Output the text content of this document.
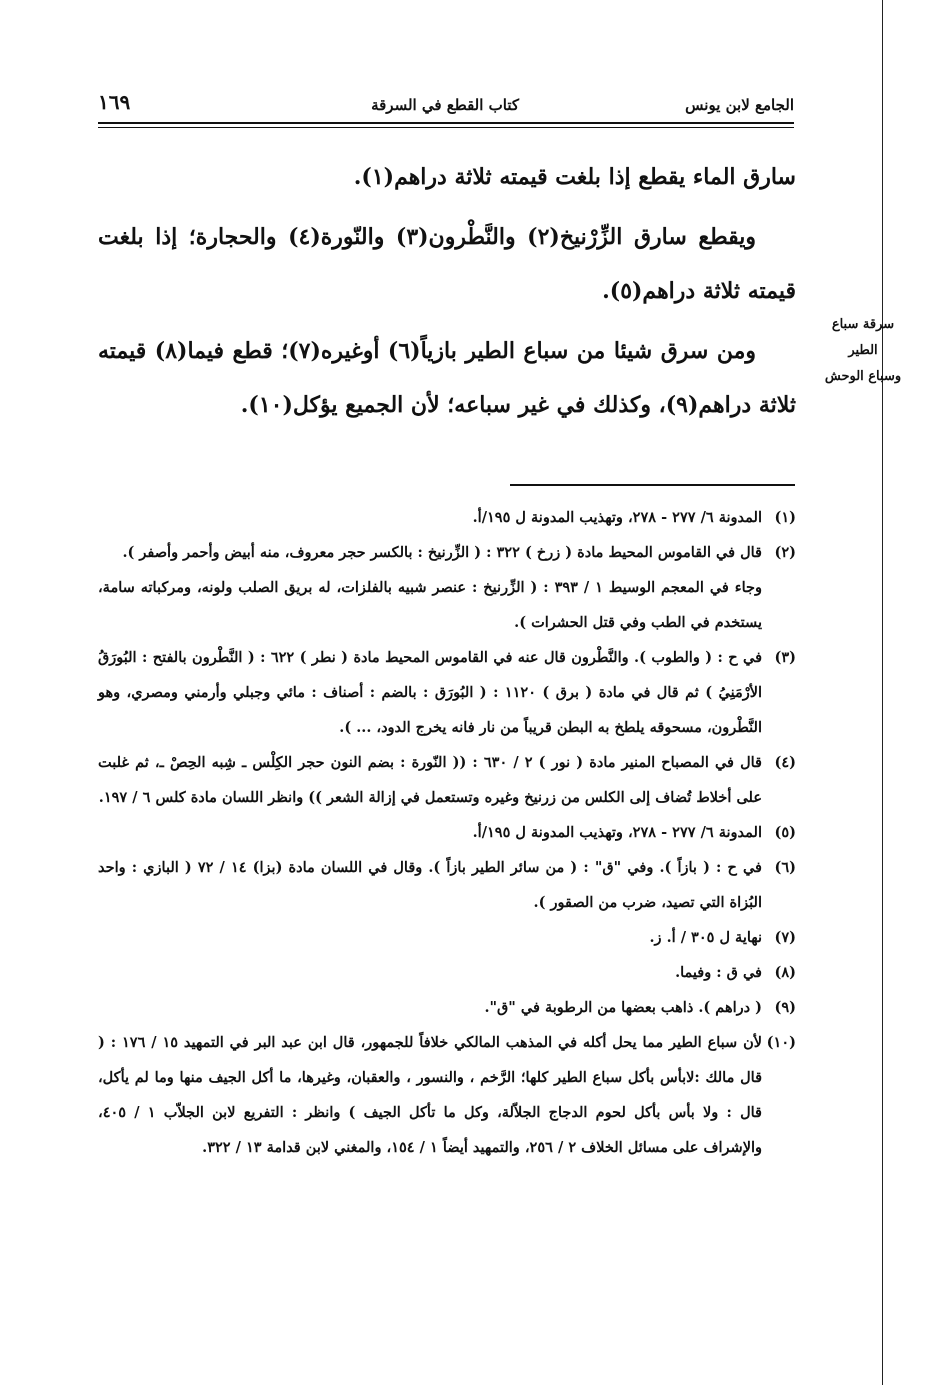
الجامع لابن يونس
كتاب القطع في السرقة
١٦٩

سارق الماء يقطع إذا بلغت قيمته ثلاثة دراهم(١).

ويقطع سارق الزِّرْنيخ(٢) والنَّطْرون(٣) والنّورة(٤) والحجارة؛ إذا بلغت قيمته ثلاثة دراهم(٥).

ومن سرق شيئا من سباع الطير بازياً(٦) أوغيره(٧)؛ قطع فيما(٨) قيمته ثلاثة دراهم(٩)، وكذلك في غير سباعه؛ لأن الجميع يؤكل(١٠).

سرقة سباع الطير
وسباع الوحش

(١)المدونة ٦/ ٢٧٧ - ٢٧٨، وتهذيب المدونة ل ١٩٥/أ.

(٢)قال في القاموس المحيط مادة ( زرخ ) ٣٢٢ : ( الزِّرنيخ : بالكسر حجر معروف، منه أبيض وأحمر وأصفر ).

وجاء في المعجم الوسيط ١ / ٣٩٣ : ( الزِّرنيخ : عنصر شبيه بالفلزات، له بريق الصلب ولونه، ومركباته سامة، يستخدم في الطب وفي قتل الحشرات ).

(٣)في ح : ( والطوب ). والنَّطْرون قال عنه في القاموس المحيط مادة ( نطر ) ٦٢٢ : ( النَّطْرون بالفتح : البُورَقُ الأرْمَنِيُ ) ثم قال في مادة ( برق ) ١١٢٠ : ( البُورَق : بالضم : أصناف : مائي وجبلي وأرمني ومصري، وهو النَّطْرون، مسحوقه يلطخ به البطن قريباً من نار فانه يخرج الدود، ... ).

(٤)قال في المصباح المنير مادة ( نور ) ٢ / ٦٣٠ : (( النّورة : بضم النون حجر الكِلْس ـ شِبه الحِصْ ـ، ثم غلبت على أخلاط تُضاف إلى الكلس من زرنيخ وغيره وتستعمل في إزالة الشعر )) وانظر اللسان مادة كلس ٦ / ١٩٧.

(٥)المدونة ٦/ ٢٧٧ - ٢٧٨، وتهذيب المدونة ل ١٩٥/أ.

(٦)في ح : ( بازاً ). وفي "ق" : ( من سائر الطير بازاً ). وقال في اللسان مادة (بزا) ١٤ / ٧٢ ( البازي : واحد البُزاة التي تصيد، ضرب من الصقور ).

(٧)نهاية ل ٣٠٥ / أ. ز.

(٨)في ق : وفيما.

(٩)( دراهم ). ذاهب بعضها من الرطوبة في "ق".

(١٠)لأن سباع الطير مما يحل أكله في المذهب المالكي خلافاً للجمهور، قال ابن عبد البر في التمهيد ١٥ / ١٧٦ : ( قال مالك :لابأس بأكل سباع الطير كلها؛ الرَّخم ، والنسور ، والعقبان، وغيرها، ما أكل الجيف منها وما لم يأكل، قال : ولا بأس بأكل لحوم الدجاج الجلاّلة، وكل ما تأكل الجيف ) وانظر : التفريع لابن الجلاّب ١ / ٤٠٥، والإشراف على مسائل الخلاف ٢ / ٢٥٦، والتمهيد أيضاً ١ / ١٥٤، والمغني لابن قدامة ١٣ / ٣٢٢.
